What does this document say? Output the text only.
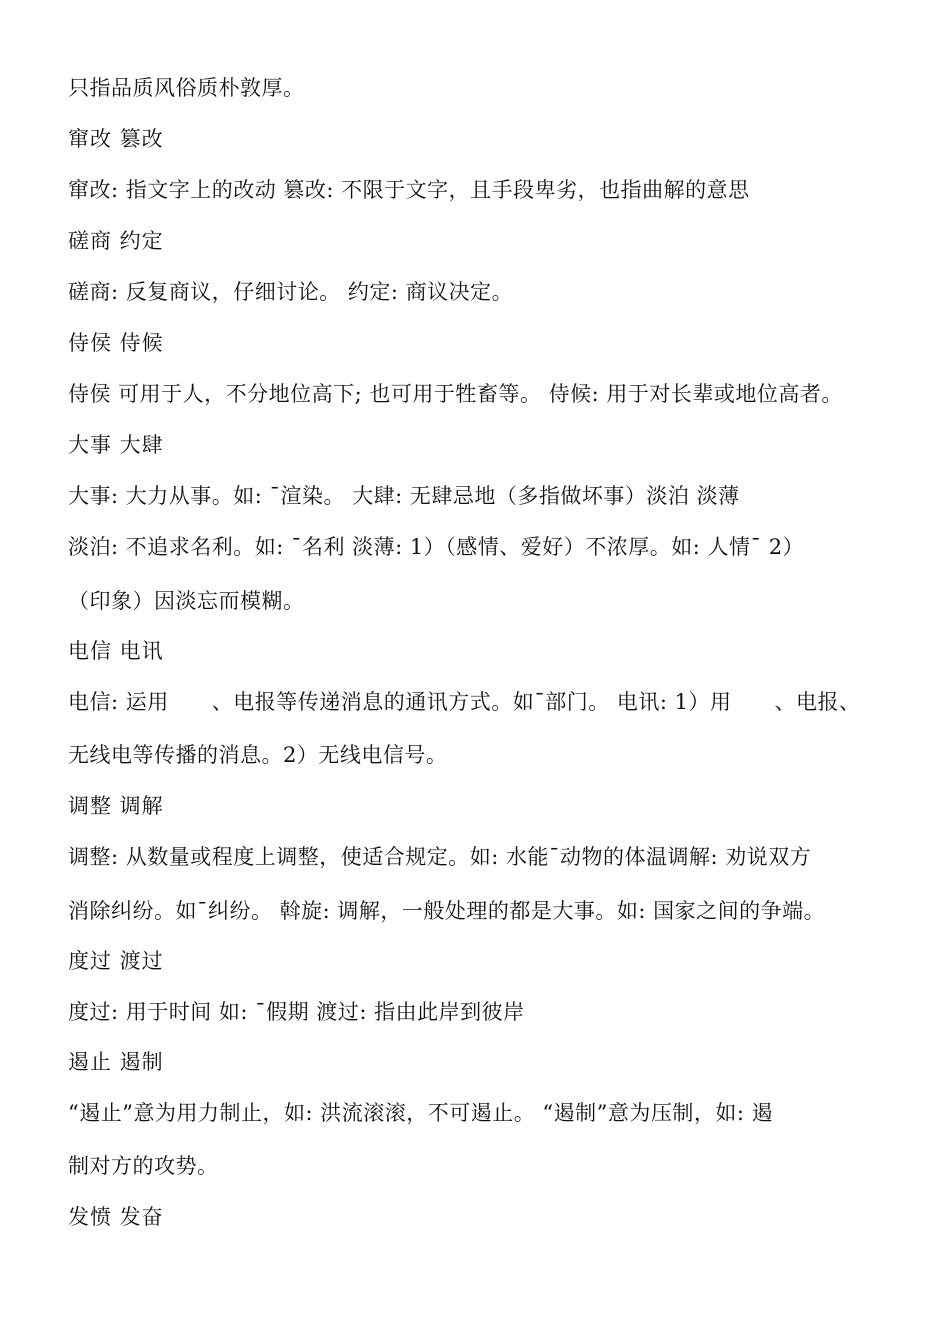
只指品质风俗质朴敦厚。
窜改 篡改
窜改: 指文字上的改动 篡改: 不限于文字，且手段卑劣，也指曲解的意思
磋商 约定
磋商: 反复商议，仔细讨论。 约定: 商议决定。
侍侯 侍候
侍侯 可用于人，不分地位高下; 也可用于牲畜等。 侍候: 用于对长辈或地位高者。
大事 大肆
大事: 大力从事。如: ¯渲染。 大肆: 无肆忌地（多指做坏事）淡泊 淡薄
淡泊: 不追求名利。如: ¯名利 淡薄: 1）（感情、爱好）不浓厚。如: 人情¯ 2）
（印象）因淡忘而模糊。
电信 电讯
电信: 运用　　、电报等传递消息的通讯方式。如¯部门。 电讯: 1）用　　、电报、
无线电等传播的消息。2）无线电信号。
调整 调解
调整: 从数量或程度上调整，使适合规定。如: 水能¯动物的体温调解: 劝说双方
消除纠纷。如¯纠纷。 斡旋: 调解，一般处理的都是大事。如: 国家之间的争端。
度过 渡过
度过: 用于时间 如: ¯假期 渡过: 指由此岸到彼岸
遏止 遏制
“遏止”意为用力制止，如: 洪流滚滚，不可遏止。 “遏制”意为压制，如: 遏
制对方的攻势。
发愤 发奋
